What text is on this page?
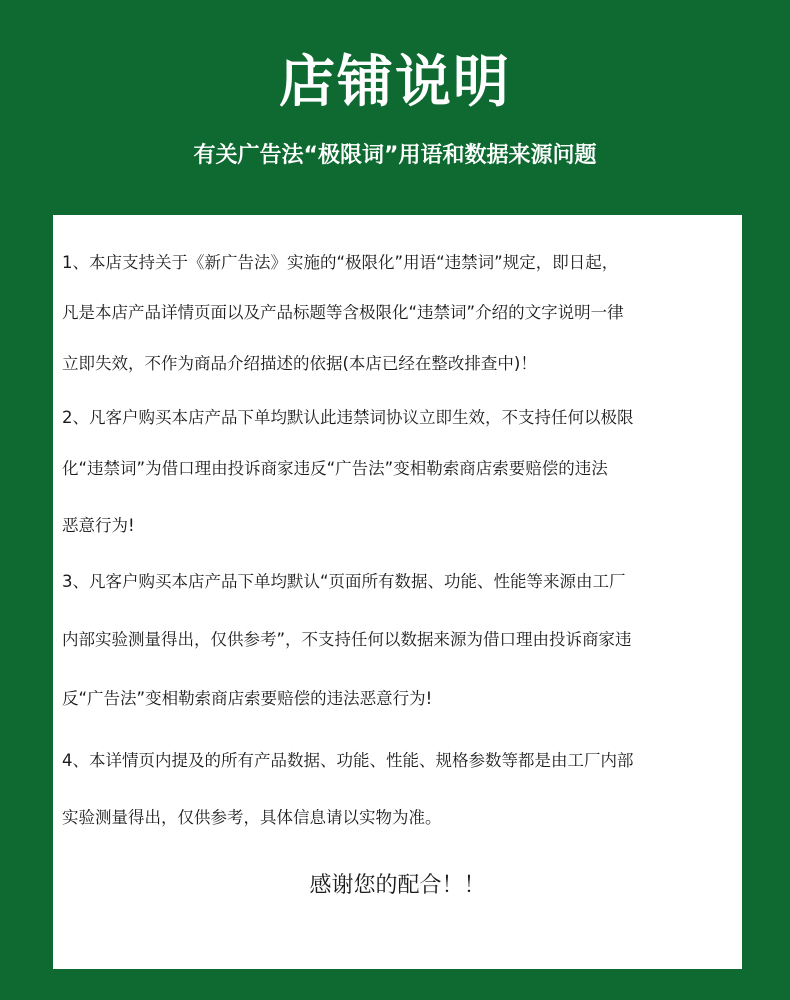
店铺说明
有关广告法“极限词”用语和数据来源问题
1、本店支持关于《新广告法》实施的“极限化”用语“违禁词”规定，即日起，
凡是本店产品详情页面以及产品标题等含极限化“违禁词”介绍的文字说明一律
立即失效，不作为商品介绍描述的依据(本店已经在整改排查中)！
2、凡客户购买本店产品下单均默认此违禁词协议立即生效，不支持任何以极限
化“违禁词”为借口理由投诉商家违反“广告法”变相勒索商店索要赔偿的违法
恶意行为!
3、凡客户购买本店产品下单均默认“页面所有数据、功能、性能等来源由工厂
内部实验测量得出，仅供参考”，不支持任何以数据来源为借口理由投诉商家违
反“广告法”变相勒索商店索要赔偿的违法恶意行为!
4、本详情页内提及的所有产品数据、功能、性能、规格参数等都是由工厂内部
实验测量得出，仅供参考，具体信息请以实物为准。
感谢您的配合！！
